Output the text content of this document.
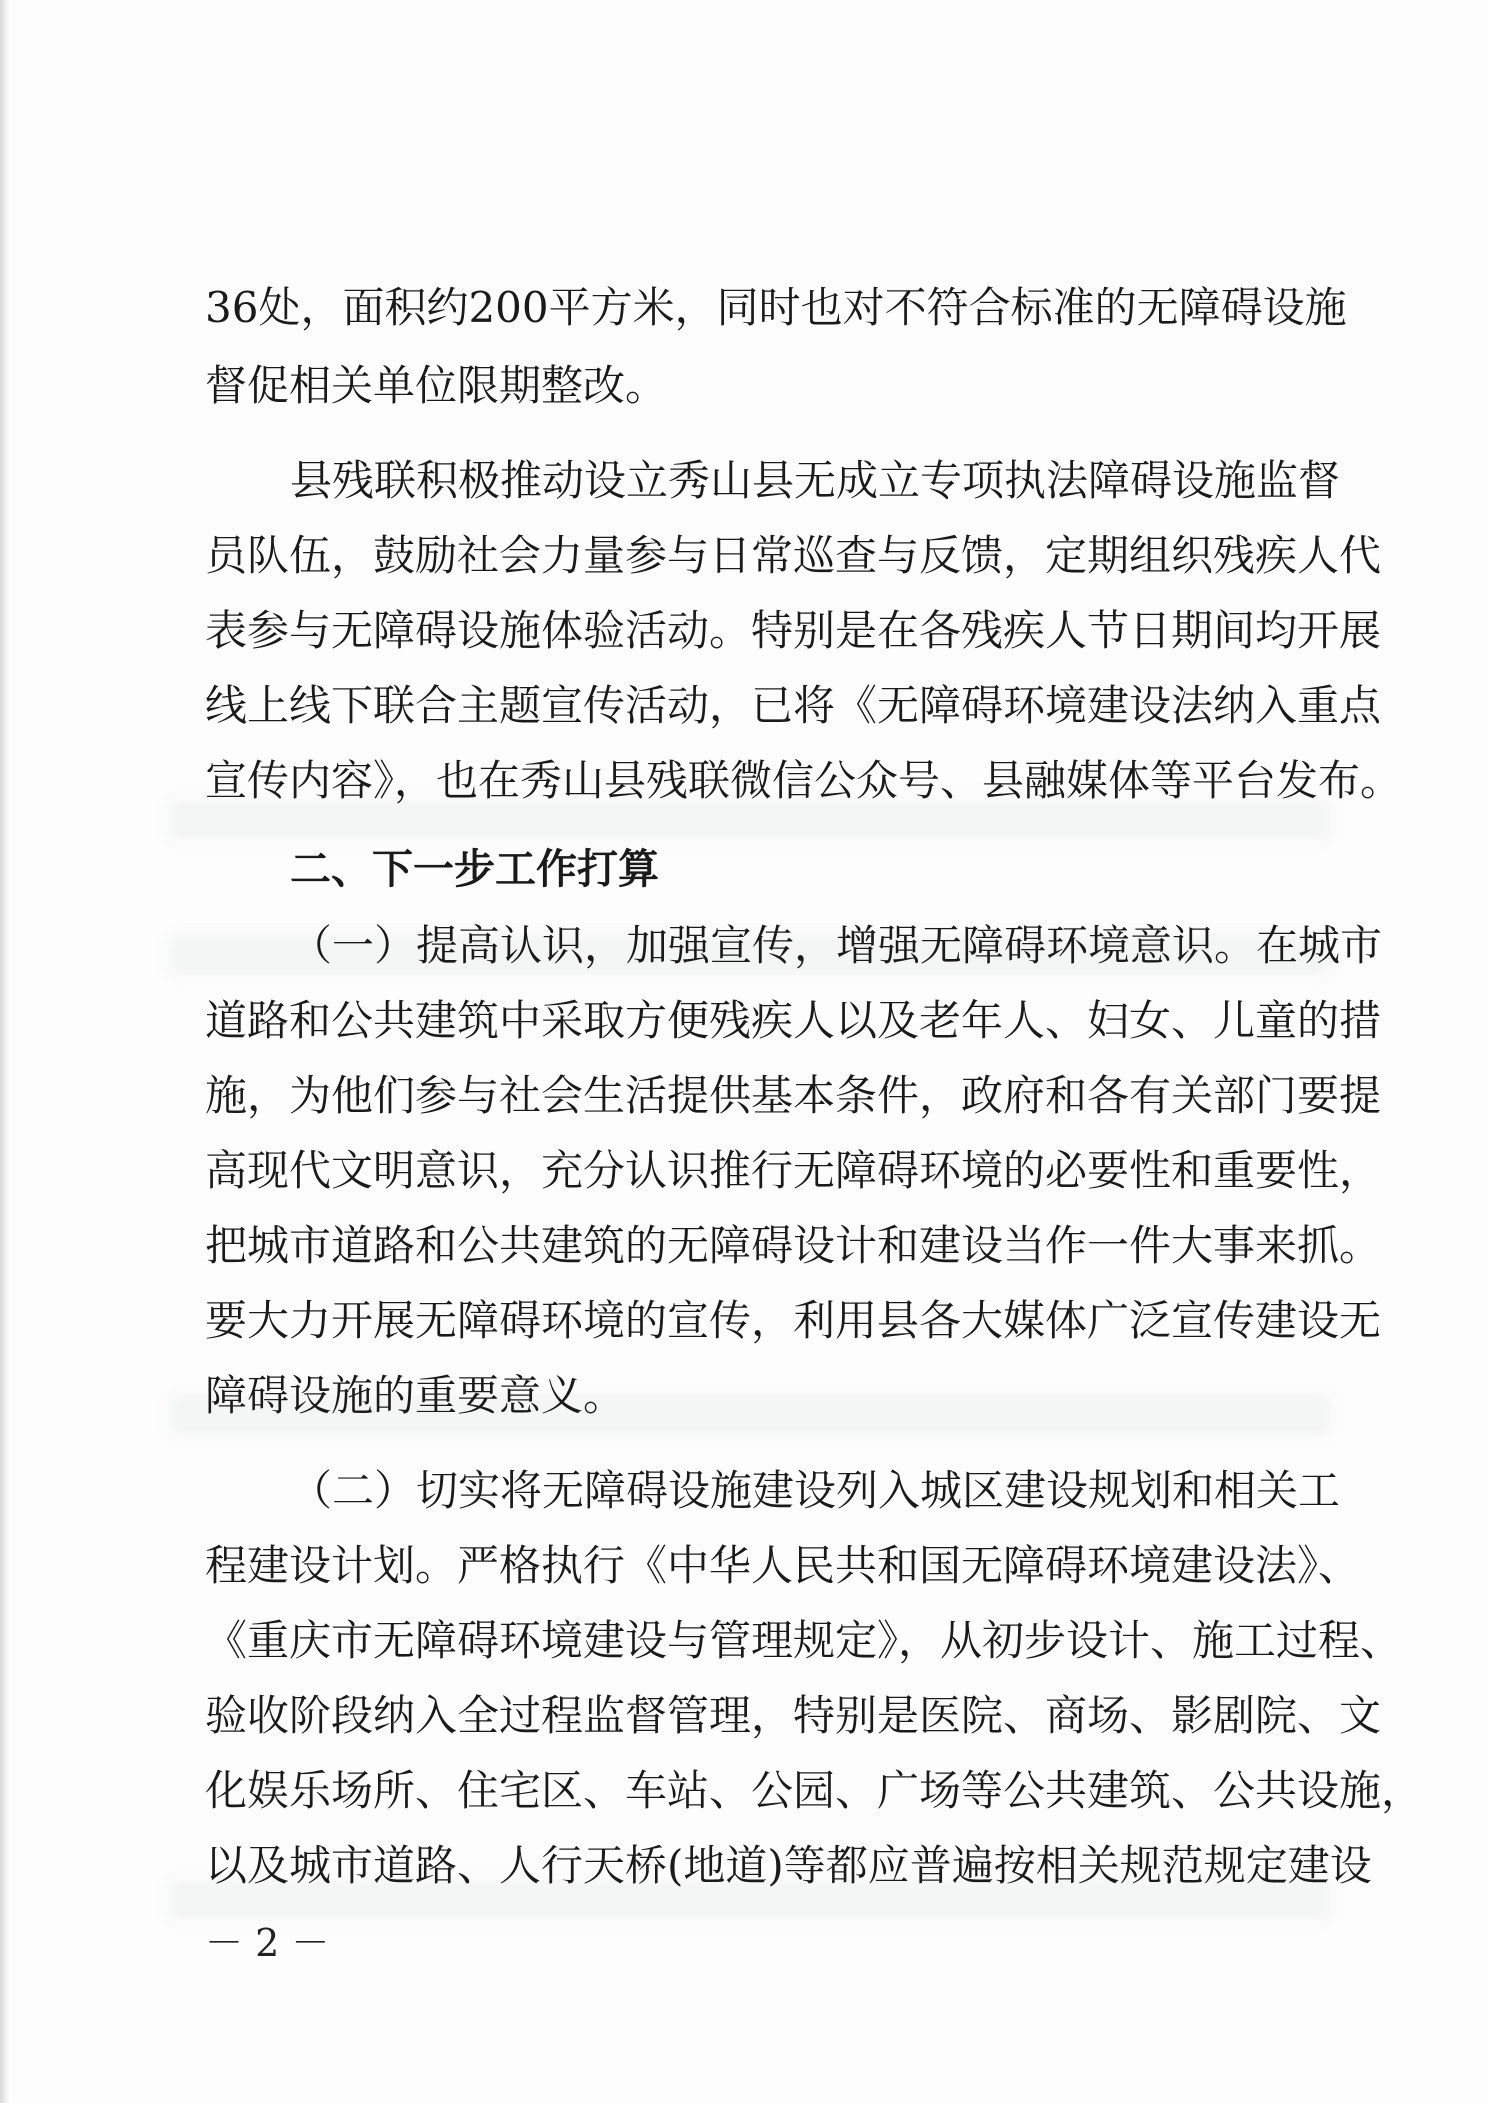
36处，面积约200平方米，同时也对不符合标准的无障碍设施
督促相关单位限期整改。
县残联积极推动设立秀山县无成立专项执法障碍设施监督
员队伍，鼓励社会力量参与日常巡查与反馈，定期组织残疾人代
表参与无障碍设施体验活动。特别是在各残疾人节日期间均开展
线上线下联合主题宣传活动，已将《无障碍环境建设法纳入重点
宣传内容》，也在秀山县残联微信公众号、县融媒体等平台发布。
二、下一步工作打算
（一）提高认识，加强宣传，增强无障碍环境意识。在城市
道路和公共建筑中采取方便残疾人以及老年人、妇女、儿童的措
施，为他们参与社会生活提供基本条件，政府和各有关部门要提
高现代文明意识，充分认识推行无障碍环境的必要性和重要性，
把城市道路和公共建筑的无障碍设计和建设当作一件大事来抓。
要大力开展无障碍环境的宣传，利用县各大媒体广泛宣传建设无
障碍设施的重要意义。
（二）切实将无障碍设施建设列入城区建设规划和相关工
程建设计划。严格执行《中华人民共和国无障碍环境建设法》、
《重庆市无障碍环境建设与管理规定》，从初步设计、施工过程、
验收阶段纳入全过程监督管理，特别是医院、商场、影剧院、文
化娱乐场所、住宅区、车站、公园、广场等公共建筑、公共设施，
以及城市道路、人行天桥(地道)等都应普遍按相关规范规定建设
－ 2 －
